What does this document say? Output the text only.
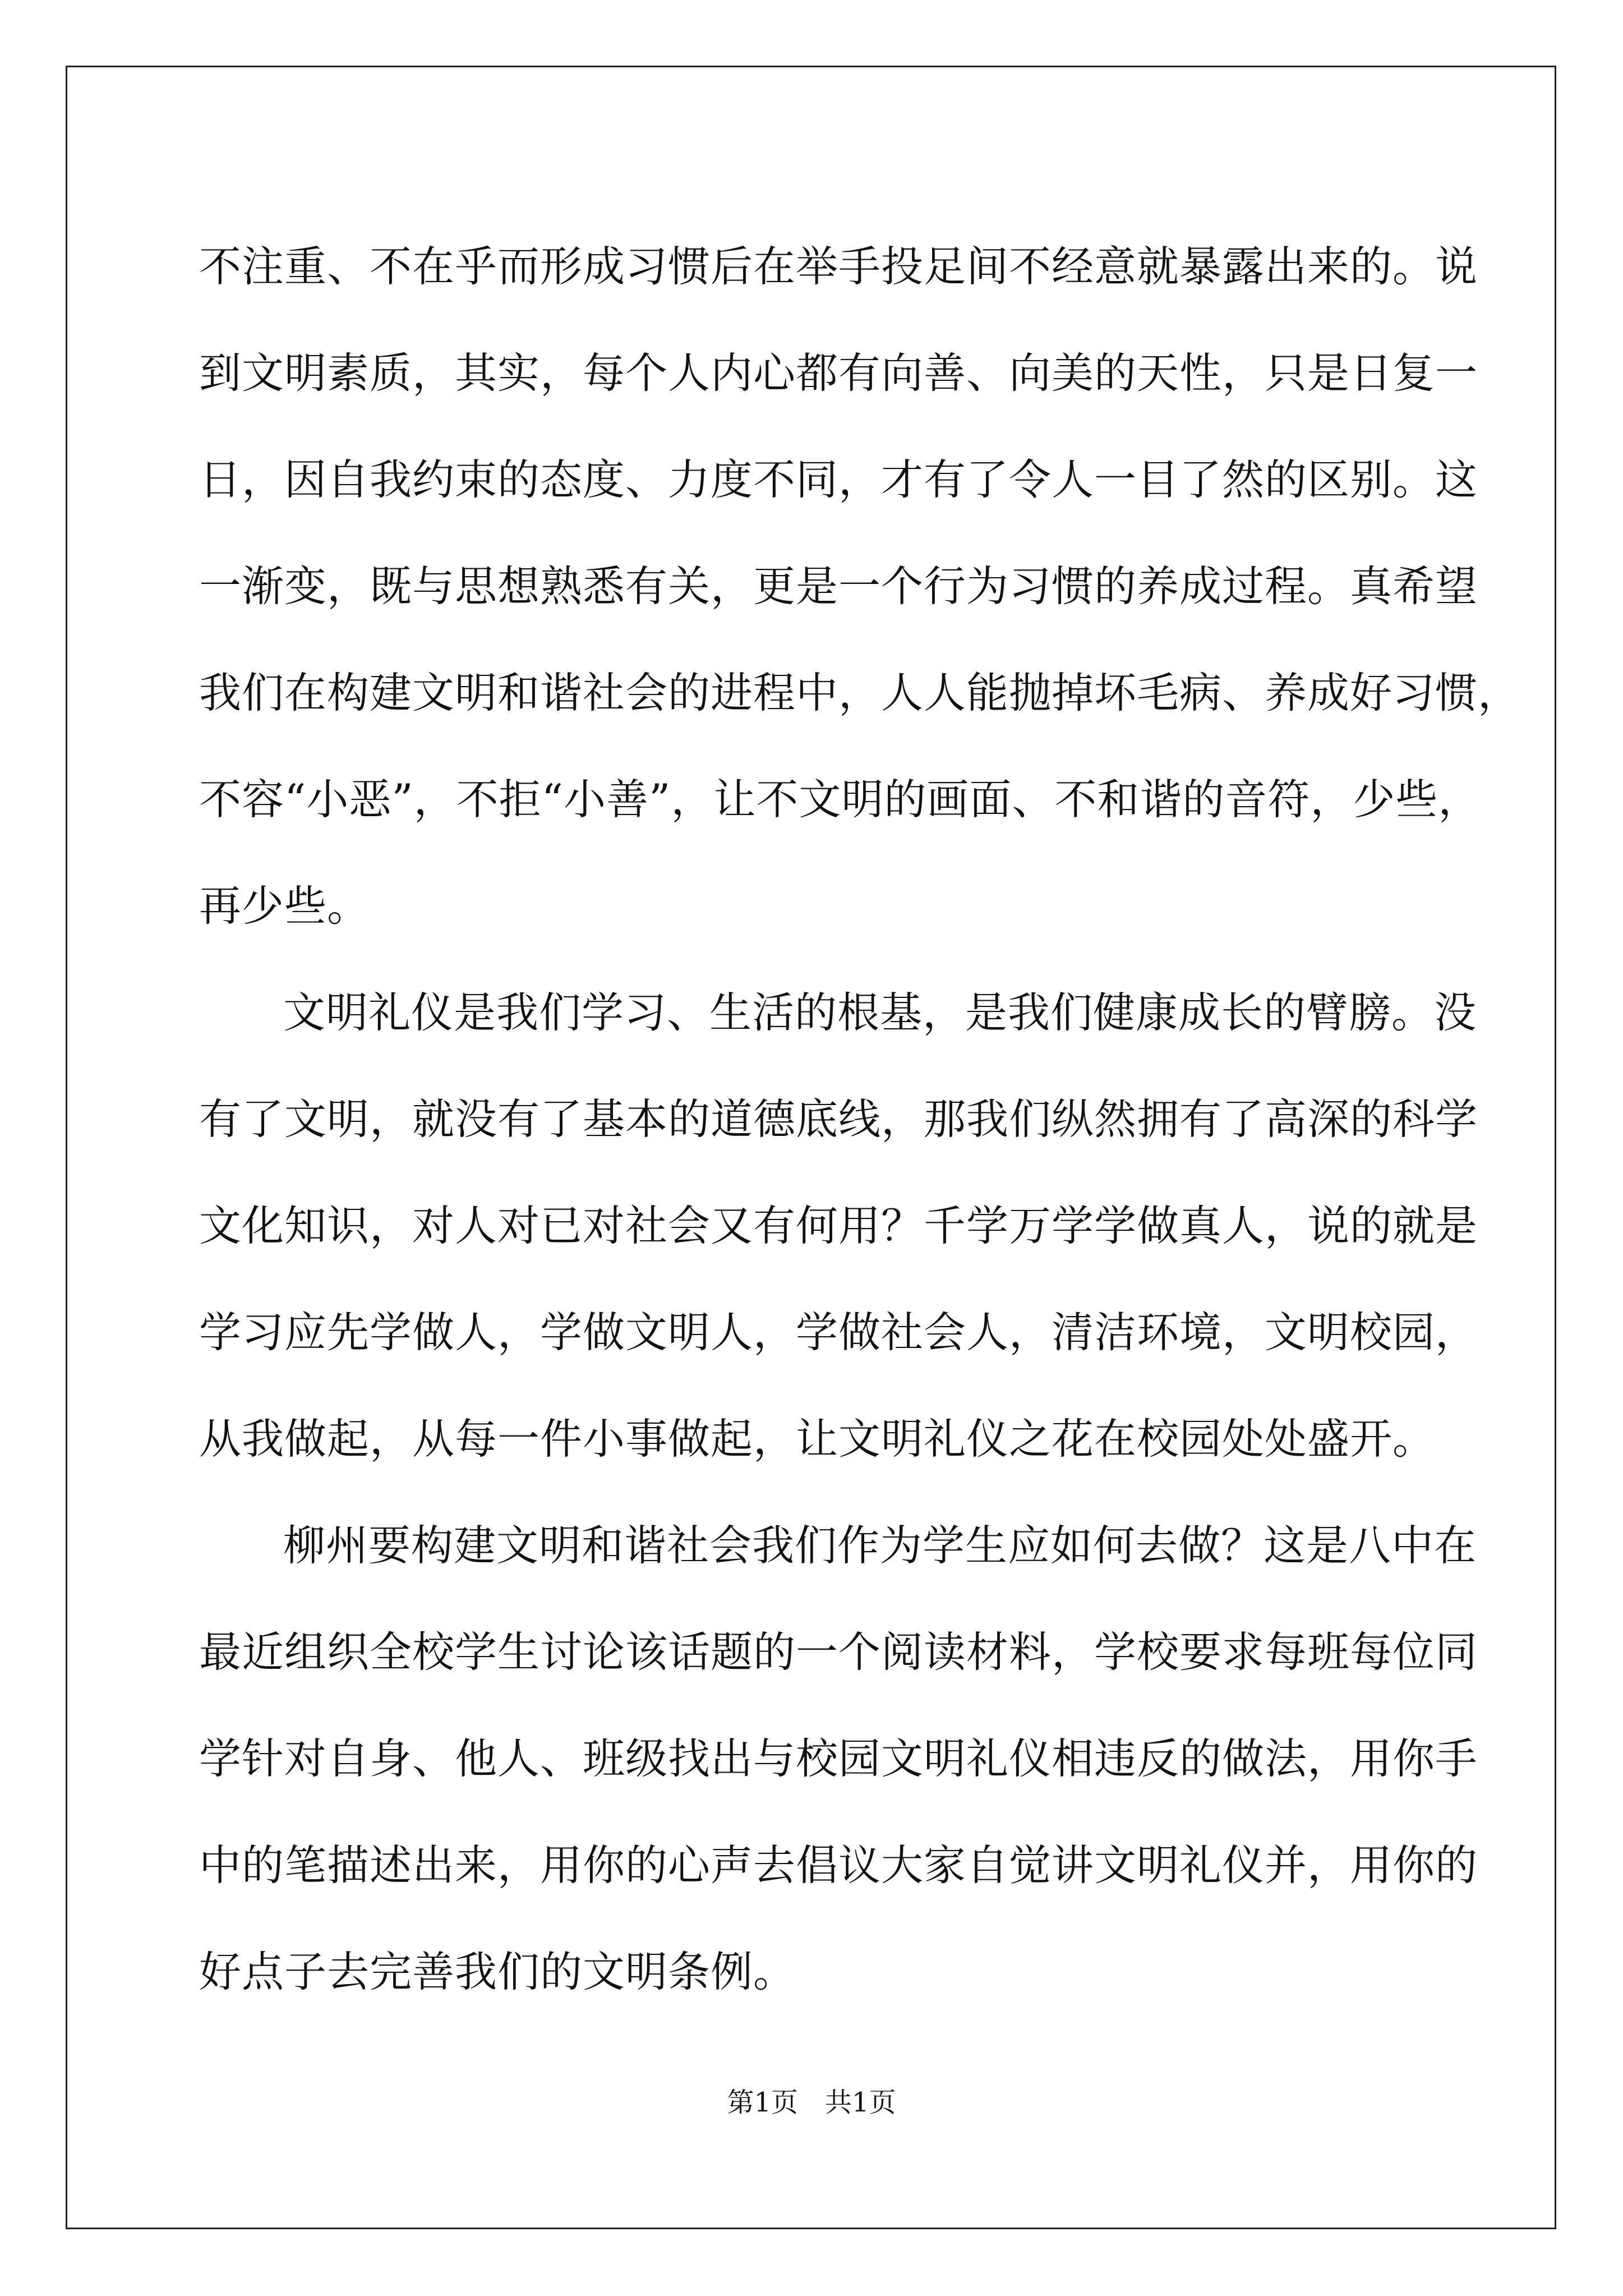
不注重、不在乎而形成习惯后在举手投足间不经意就暴露出来的。说
到文明素质，其实，每个人内心都有向善、向美的天性，只是日复一
日，因自我约束的态度、力度不同，才有了令人一目了然的区别。这
一渐变，既与思想熟悉有关，更是一个行为习惯的养成过程。真希望
我们在构建文明和谐社会的进程中，人人能抛掉坏毛病、养成好习惯，
不容“小恶”，不拒“小善”，让不文明的画面、不和谐的音符，少些，
再少些。
文明礼仪是我们学习、生活的根基，是我们健康成长的臂膀。没
有了文明，就没有了基本的道德底线，那我们纵然拥有了高深的科学
文化知识，对人对已对社会又有何用？千学万学学做真人，说的就是
学习应先学做人，学做文明人，学做社会人，清洁环境，文明校园，
从我做起，从每一件小事做起，让文明礼仪之花在校园处处盛开。
柳州要构建文明和谐社会我们作为学生应如何去做？这是八中在
最近组织全校学生讨论该话题的一个阅读材料，学校要求每班每位同
学针对自身、他人、班级找出与校园文明礼仪相违反的做法，用你手
中的笔描述出来，用你的心声去倡议大家自觉讲文明礼仪并，用你的
好点子去完善我们的文明条例。
第1页 共1页
